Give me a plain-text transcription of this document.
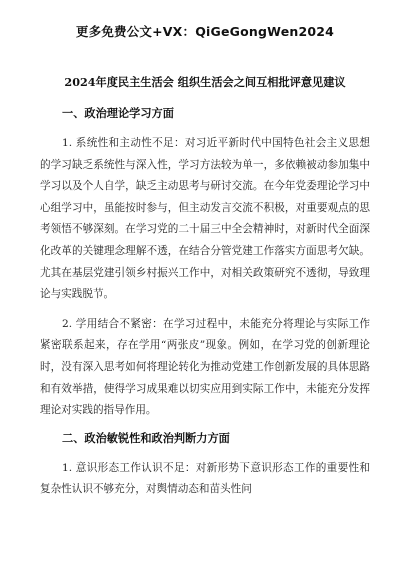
更多免费公文+VX：QiGeGongWen2024
2024年度民主生活会 组织生活会之间互相批评意见建议
一、政治理论学习方面

1. 系统性和主动性不足：对习近平新时代中国特色社会主义思想的学习缺乏系统性与深入性，学习方法较为单一，多依赖被动参加集中学习以及个人自学，缺乏主动思考与研讨交流。在今年党委理论学习中心组学习中，虽能按时参与，但主动发言交流不积极，对重要观点的思考领悟不够深刻。在学习党的二十届三中全会精神时，对新时代全面深化改革的关键理念理解不透，在结合分管党建工作落实方面思考欠缺。尤其在基层党建引领乡村振兴工作中，对相关政策研究不透彻，导致理论与实践脱节。

2. 学用结合不紧密：在学习过程中，未能充分将理论与实际工作紧密联系起来，存在学用“两张皮”现象。例如，在学习党的创新理论时，没有深入思考如何将理论转化为推动党建工作创新发展的具体思路和有效举措，使得学习成果难以切实应用到实际工作中，未能充分发挥理论对实践的指导作用。

二、政治敏锐性和政治判断力方面

1. 意识形态工作认识不足：对新形势下意识形态工作的重要性和复杂性认识不够充分，对舆情动态和苗头性问
